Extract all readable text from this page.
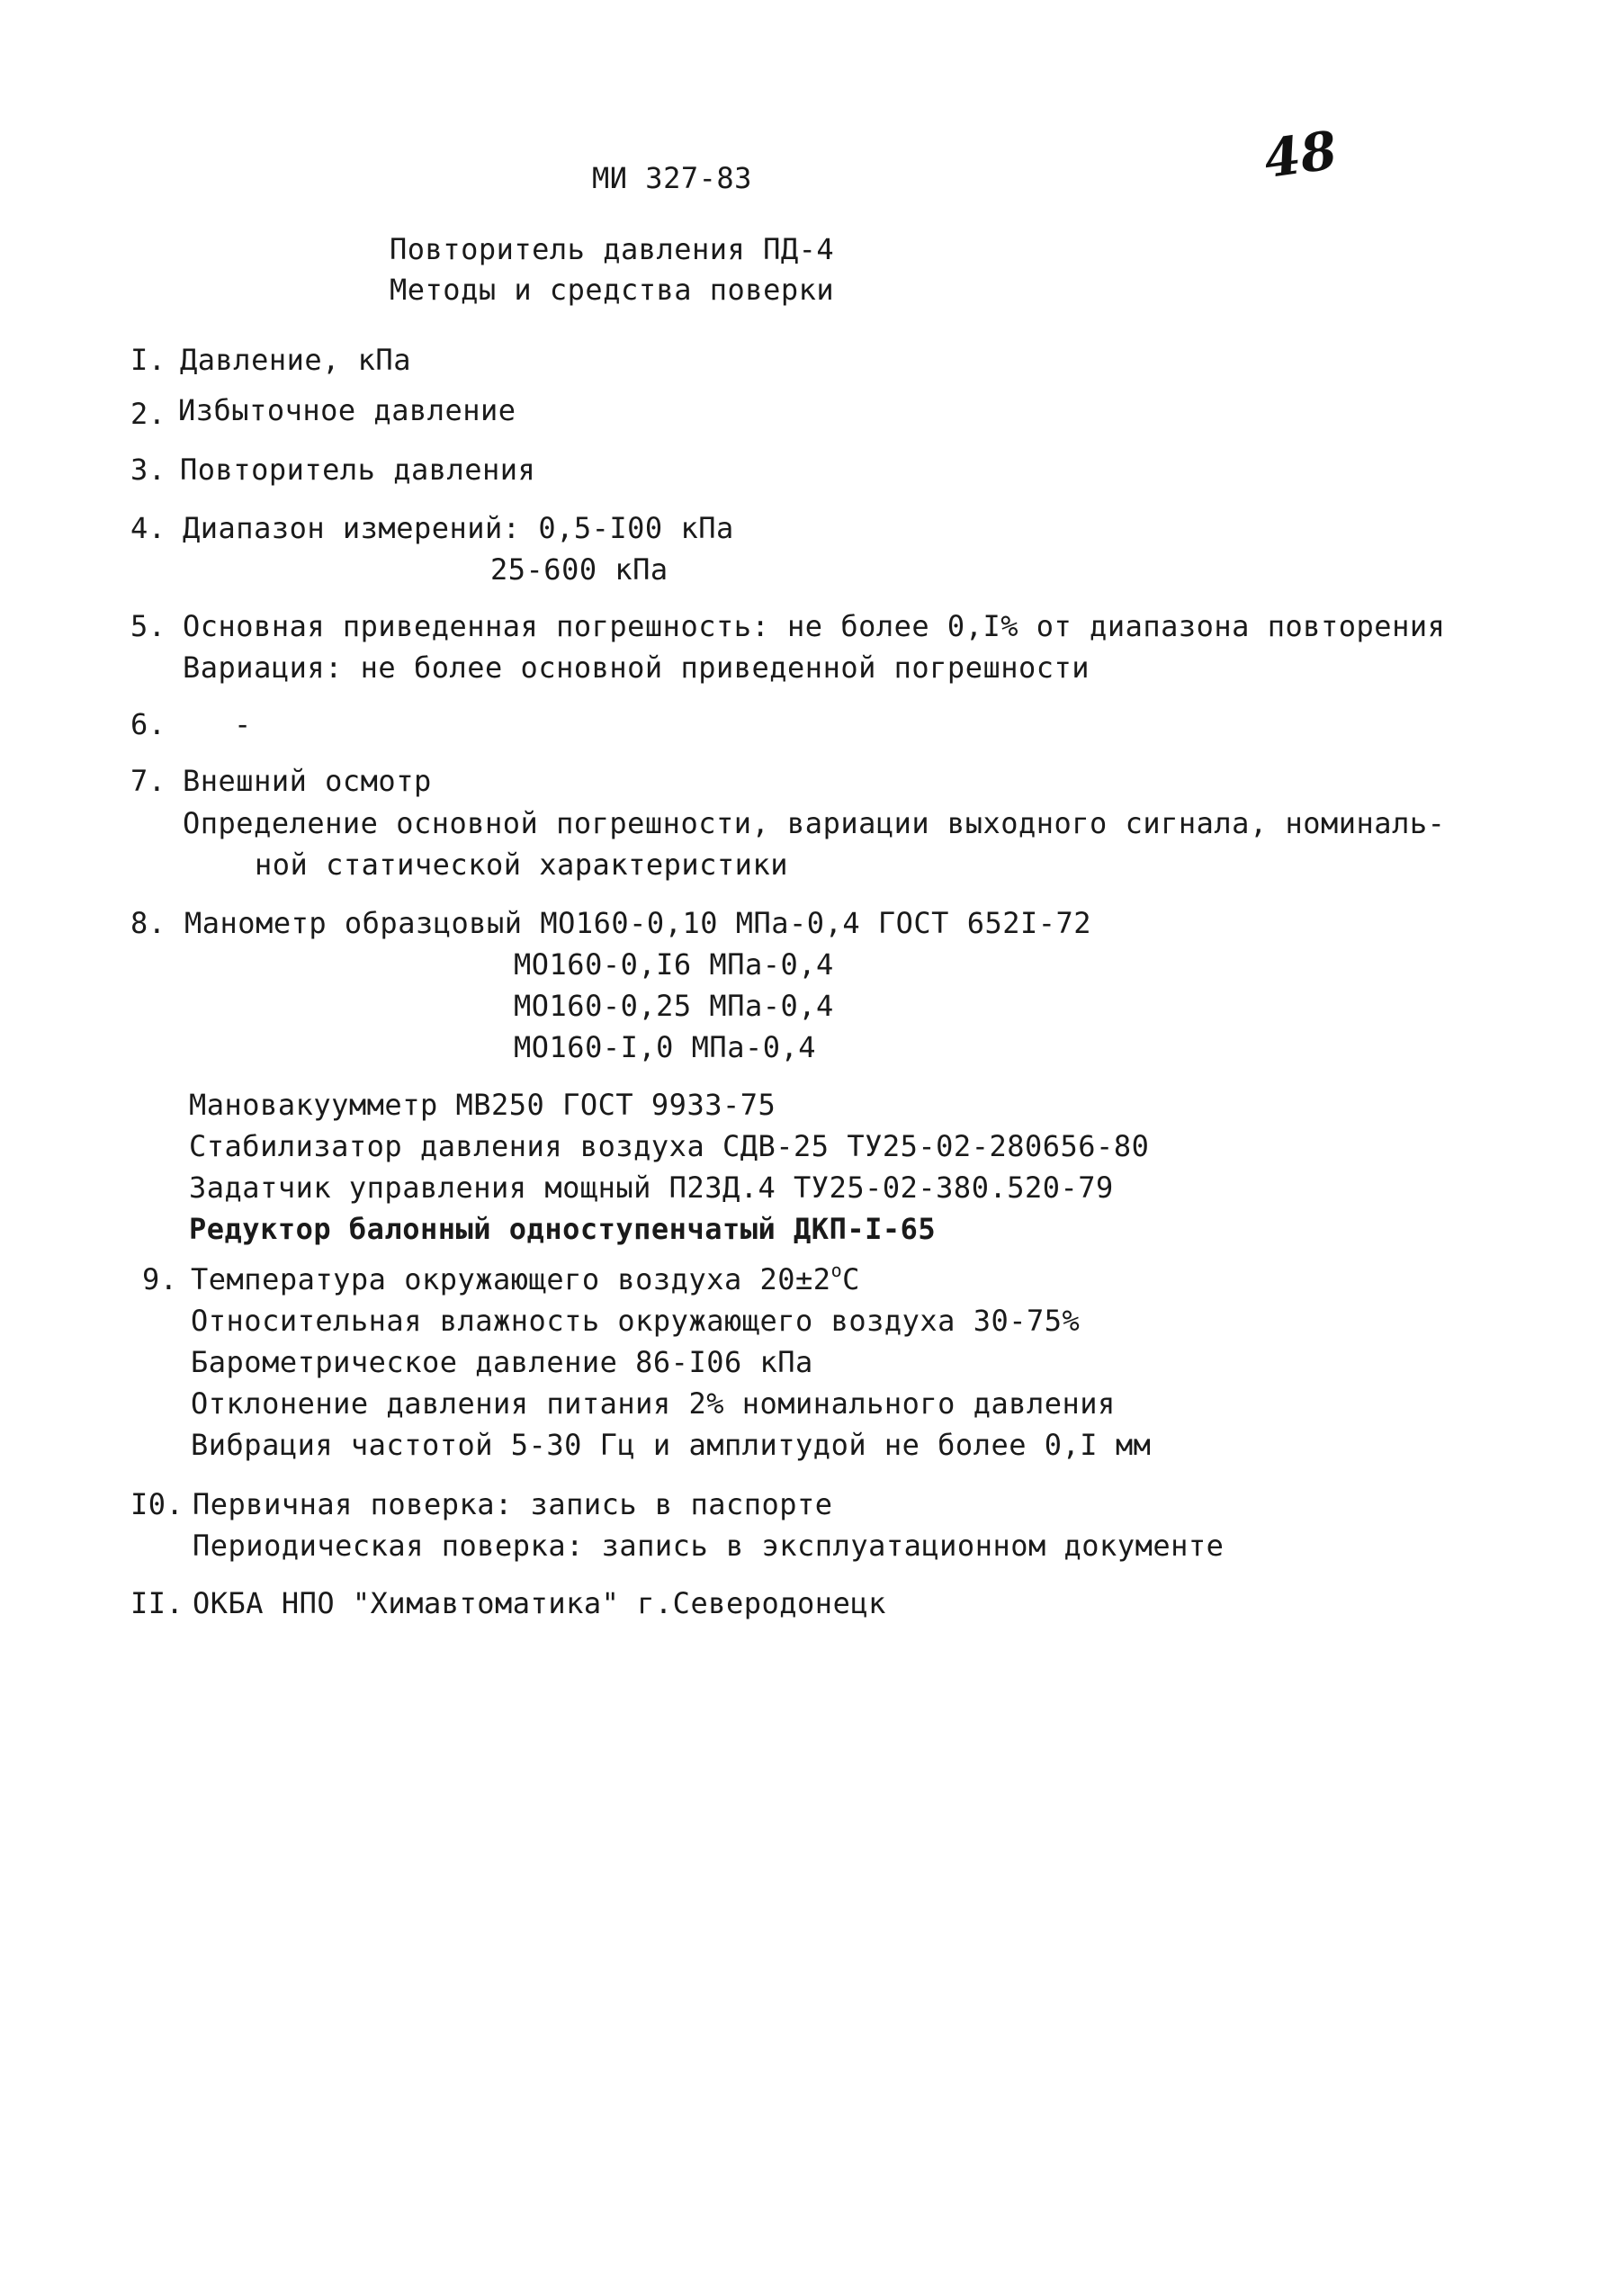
МИ 327-83	48
Повторитель давления ПД-4
Методы и средства поверки
I. Давление, кПа
2. Избыточное давление
3. Повторитель давления
4. Диапазон измерений: 0,5-I00 кПа
25-600 кПа
5. Основная приведенная погрешность: не более 0,I% от диапазона повторения
Вариация: не более основной приведенной погрешности
6. -
7. Внешний осмотр
Определение основной погрешности, вариации выходного сигнала, номиналь-
ной статической характеристики
8. Манометр образцовый МО160-0,10 МПа-0,4 ГОСТ 652I-72
МО160-0,I6 МПа-0,4
МО160-0,25 МПа-0,4
МО160-I,0 МПа-0,4
Мановакуумметр МВ250 ГОСТ 9933-75
Стабилизатор давления воздуха СДВ-25 ТУ25-02-280656-80
Задатчик управления мощный П23Д.4 ТУ25-02-380.520-79
Редуктор балонный одноступенчатый ДКП-I-65
9. Температура окружающего воздуха $20\pm 2^оС$
Относительная влажность окружающего воздуха 30-75%
Барометрическое давление 86-I06 кПа
Отклонение давления питания 2% номинального давления
Вибрация частотой 5-30 Гц и амплитудой не более 0,I мм
I0. Первичная поверка: запись в паспорте
Периодическая поверка: запись в эксплуатационном документе
II. ОКБА НПО "Химавтоматика" г.Северодонецк
